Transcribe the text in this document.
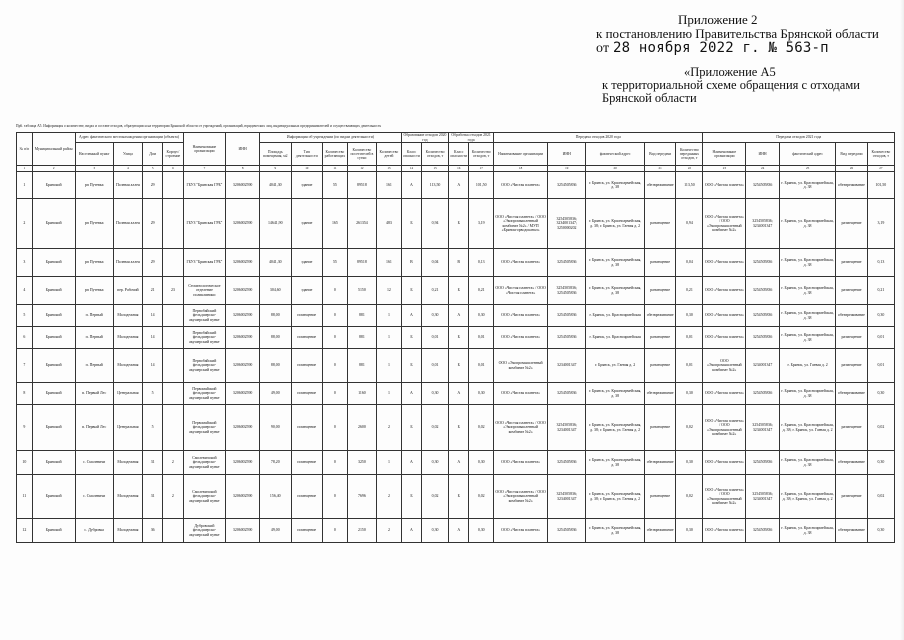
Приложение 2
к постановлению Правительства Брянской области
от 28 ноября 2022 г. № 563-п
«Приложение А5
к территориальной схеме обращения с отходами
Брянской области
Пр6. таблица А5. Информация о количестве, видах и составе отходов, образующихся на территории Брянской области от учреждений, организаций, юридических лиц, индивидуальных предпринимателей и осуществляющих деятельность
№ п/п	Муниципальный район	Адрес фактического местонахождения организации (объекта)				Наименование организации	ИНН	Информация об учреждении (по видам деятельности)					Образование отходов 2020 год		Обработка отходов 2021 года		Передача отходов 2020 года					Передача отходов 2021 года				
		Населенный пункт	Улица	Дом	Корпус/строение			Площадь помещения, м2	Тип деятельности	Количество работающих	Количество посетителей в сутки	Количество детей	Класс опасности	Количество отходов, т	Класс опасности	Количество отходов, т	Наименование организации	ИНН	фактический адрес	Вид передачи	Количество переданных отходов, т	Наименование организации	ИНН	фактический адрес	Вид передачи	Количество отходов, т
1	2	3	4	5	6	7	8	9	10	11	12	13	14	15	16	17	18	19	20	21	22	23	24	25	26	27
1	Брянский	рп Путевка	Полевая аллея	29		ГБУЗ "Брянская ГРБ"	3206002590	4041,30	здание	55	89518	161	А	113,50	А	101,50	ООО «Чистая планета»	3254505836	г. Брянск, ул. Красноармейская, д. 38	обезвреживание	113,50	ООО «Чистая планета»	3254505836	г. Брянск, ул. Красноармейская, д. 38	обезвреживание	101,50
2	Брянский	рп Путевка	Полевая аллея	29		ГБУЗ "Брянская ГРБ"	3206002590	14641,90	здание	165	261354	483	Б	0,94	Б	3,19	ООО «Чистая планета» / ООО «Экопромышленный комбинат №2» / МУП «Брянскгорводоканал»	3254505836; 3234001347; 3250000202	г. Брянск, ул. Красноармейская, д. 38; г. Брянск, ул. Гаевая д. 2	размещение	0,94	ООО «Чистая планета» / ООО «Экопромышленный комбинат №2»	3254505836; 3234001347	г. Брянск, ул. Красноармейская, д. 38	размещение	3,19
3	Брянский	рп Путевка	Полевая аллея	29		ГБУЗ "Брянская ГРБ"	3206002590	4041,30	здание	55	89518	161	В	0,04	В	0,13	ООО «Чистая планета»	3254505836	г. Брянск, ул. Красноармейская, д. 38	размещение	0,04	ООО «Чистая планета»	3254505836	г. Брянск, ул. Красноармейская, д. 38	размещение	0,13
4	Брянский	рп Путевка	пер. Рабочий	21	23	Стоматологическое отделение поликлиники	3206002590	304,60	здание	0	5150	12	Б	0,21	Б	0,21	ООО «Чистая планета» / ООО «Чистая планета»	3254505836; 3254505836	г. Брянск, ул. Красноармейская, д. 38	размещение	0,21	ООО «Чистая планета»	3254505836	г. Брянск, ул. Красноармейская, д. 38	размещение	0,21
5	Брянский	п. Первый	Молодежная	14		Первобайский фельдшерско-акушерский пункт	3206002590	88,00	помещение	0	881	1	А	0,30	А	0,30	ООО «Чистая планета»	3254505836	г. Брянск, ул. Красноармейская	обезвреживание	0,30	ООО «Чистая планета»	3254505836	г. Брянск, ул. Красноармейская, д. 38	обезвреживание	0,30
6	Брянский	п. Первый	Молодежная	14		Первобайский фельдшерско-акушерский пункт	3206002590	88,00	помещение	0	881	1	Б	0,01	Б	0,01	ООО «Чистая планета»	3254505836	г. Брянск, ул. Красноармейская	размещение	0,01	ООО «Чистая планета»	3254505836	г. Брянск, ул. Красноармейская, д. 38	размещение	0,01
7	Брянский	п. Первый	Молодежная	14		Первобайский фельдшерско-акушерский пункт	3206002590	88,00	помещение	0	881	1	Б	0,01	Б	0,01	ООО «Экопромышленный комбинат №2»	3234001347	г. Брянск, ул. Гаевая д. 2	размещение	0,01	ООО «Экопромышленный комбинат №2»	3234001347	г. Брянск, ул. Гаевая д. 2	размещение	0,01
8	Брянский	п. Первый Лес	Центральная	5		Первомайский фельдшерско-акушерский пункт	3206002590	49,00	помещение	0	1160	1	А	0,30	А	0,30	ООО «Чистая планета»	3254505836	г. Брянск, ул. Красноармейская, д. 38	обезвреживание	0,30	ООО «Чистая планета»	3254505836	г. Брянск, ул. Красноармейская, д. 38	обезвреживание	0,30
9	Брянский	п. Первый Лес	Центральная	5		Первомайский фельдшерско-акушерский пункт	3206002590	90,00	помещение	0	2600	2	Б	0,02	Б	0,02	ООО «Чистая планета» / ООО «Экопромышленный комбинат №2»	3254505836; 3234001347	г. Брянск, ул. Красноармейская, д. 38; г. Брянск, ул. Гаевая д. 2	размещение	0,02	ООО «Чистая планета» / ООО «Экопромышленный комбинат №2»	3254505836; 3234001347	г. Брянск, ул. Красноармейская, д. 38; г. Брянск, ул. Гаевая д. 2	размещение	0,02
10	Брянский	с. Смолевичи	Молодежная	31	2	Смолевичский фельдшерско-акушерский пункт	3206002590	78,20	помещение	0	3250	1	А	0,30	А	0,30	ООО «Чистая планета»	3254505836	г. Брянск, ул. Красноармейская, д. 38	обезвреживание	0,30	ООО «Чистая планета»	3254505836	г. Брянск, ул. Красноармейская, д. 38	обезвреживание	0,30
11	Брянский	с. Смолевичи	Молодежная	31	2	Смолевичский фельдшерско-акушерский пункт	3206002590	156,40	помещение	0	7696	2	Б	0,02	Б	0,02	ООО «Чистая планета» / ООО «Экопромышленный комбинат №2»	3254505836; 3234001347	г. Брянск, ул. Красноармейская, д. 38; г. Брянск, ул. Гаевая д. 2	размещение	0,02	ООО «Чистая планета» / ООО «Экопромышленный комбинат №2»	3254505836; 3234001347	г. Брянск, ул. Красноармейская, д. 38; г. Брянск, ул. Гаевая д. 2	размещение	0,02
12	Брянский	с. Дубровка	Молодежная	36		Дубровский фельдшерско-акушерский пункт	3206002590	49,00	помещение	0	2150	2	А	0,30	А	0,30	ООО «Чистая планета»	3254505836	г. Брянск, ул. Красноармейская, д. 38	обезвреживание	0,30	ООО «Чистая планета»	3254505836	г. Брянск, ул. Красноармейская, д. 38	обезвреживание	0,30
